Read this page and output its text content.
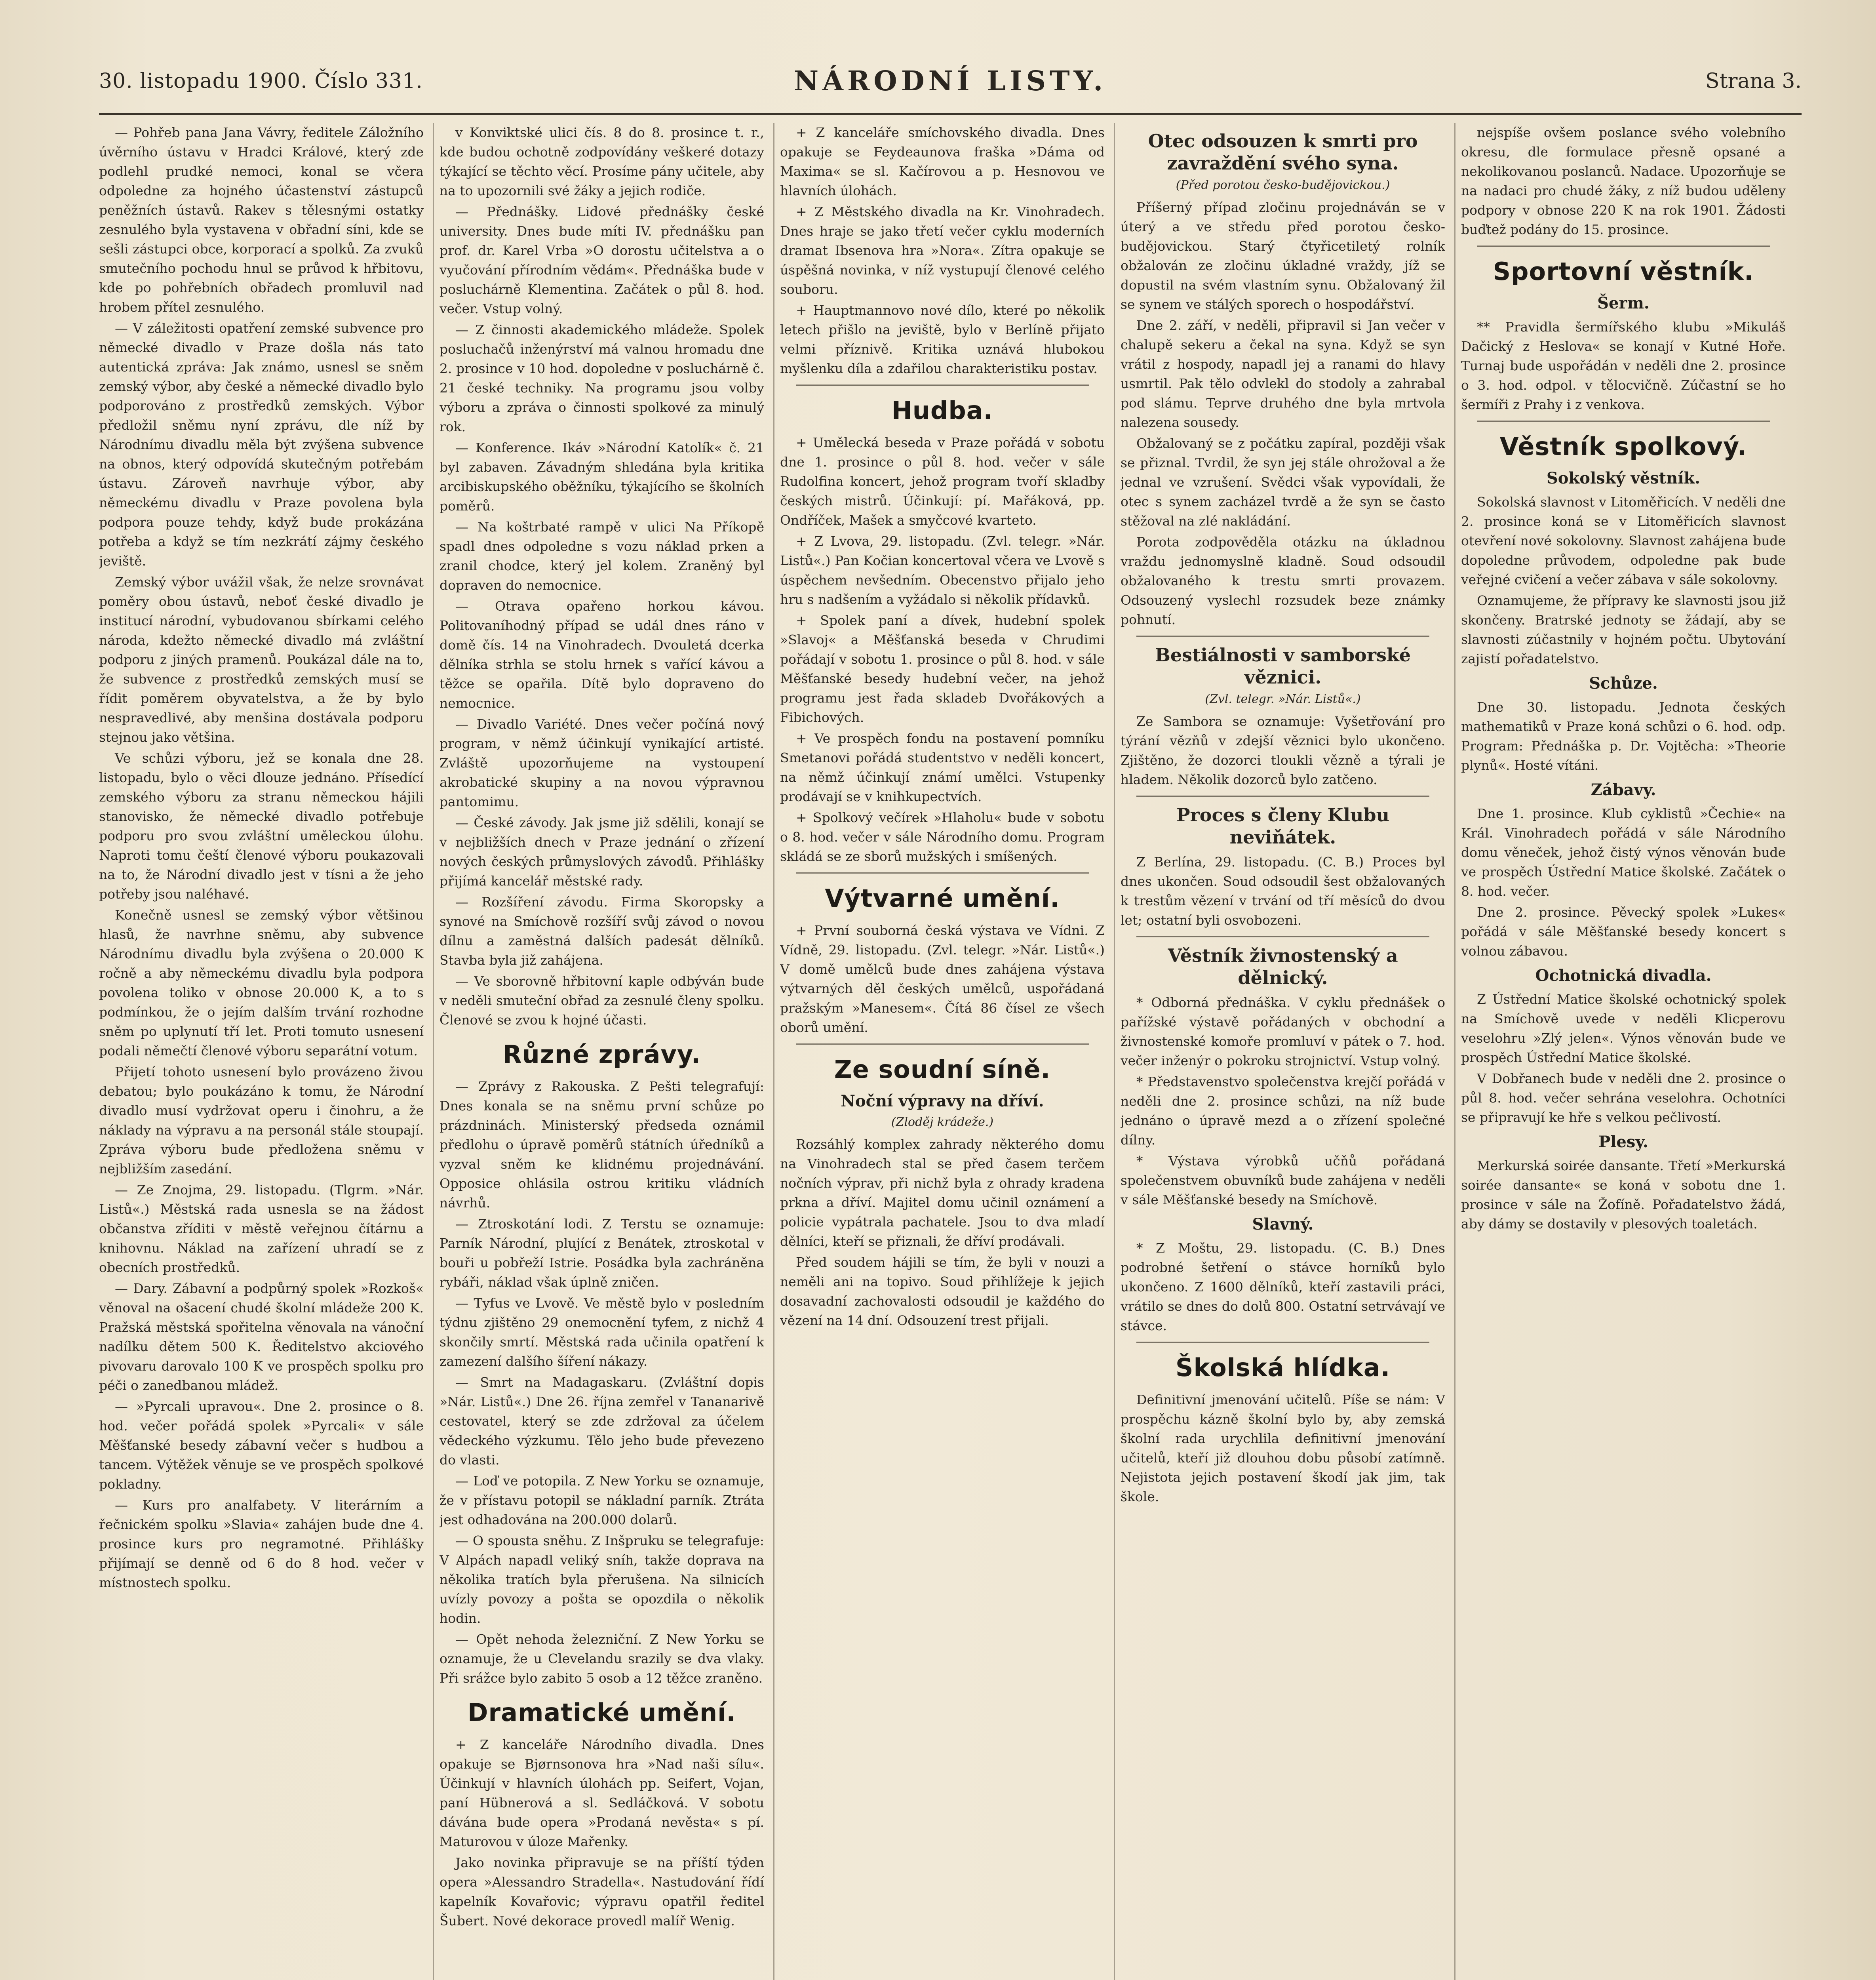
30. listopadu 1900. Číslo 331.	NÁRODNÍ LISTY.	Strana 3.

— Pohřeb pana Jana Vávry, ředitele Záložního úvěrního ústavu v Hradci Králové, který zde podlehl prudké nemoci, konal se včera odpoledne za hojného účastenství zástupců peněžních ústavů. Rakev s tělesnými ostatky zesnulého byla vystavena v obřadní síni, kde se sešli zástupci obce, korporací a spolků. Za zvuků smutečního pochodu hnul se průvod k hřbitovu, kde po pohřebních obřadech promluvil nad hrobem přítel zesnulého.

— V záležitosti opatření zemské subvence pro německé divadlo v Praze došla nás tato autentická zpráva: Jak známo, usnesl se sněm zemský výbor, aby české a německé divadlo bylo podporováno z prostředků zemských. Výbor předložil sněmu nyní zprávu, dle níž by Národnímu divadlu měla být zvýšena subvence na obnos, který odpovídá skutečným potřebám ústavu. Zároveň navrhuje výbor, aby německému divadlu v Praze povolena byla podpora pouze tehdy, když bude prokázána potřeba a když se tím nezkrátí zájmy českého jeviště.

Zemský výbor uvážil však, že nelze srovnávat poměry obou ústavů, neboť české divadlo je institucí národní, vybudovanou sbírkami celého národa, kdežto německé divadlo má zvláštní podporu z jiných pramenů. Poukázal dále na to, že subvence z prostředků zemských musí se řídit poměrem obyvatelstva, a že by bylo nespravedlivé, aby menšina dostávala podporu stejnou jako většina.

Ve schůzi výboru, jež se konala dne 28. listopadu, bylo o věci dlouze jednáno. Přísedící zemského výboru za stranu německou hájili stanovisko, že německé divadlo potřebuje podporu pro svou zvláštní uměleckou úlohu. Naproti tomu čeští členové výboru poukazovali na to, že Národní divadlo jest v tísni a že jeho potřeby jsou naléhavé.

Konečně usnesl se zemský výbor většinou hlasů, že navrhne sněmu, aby subvence Národnímu divadlu byla zvýšena o 20.000 K ročně a aby německému divadlu byla podpora povolena toliko v obnose 20.000 K, a to s podmínkou, že o jejím dalším trvání rozhodne sněm po uplynutí tří let. Proti tomuto usnesení podali němečtí členové výboru separátní votum.

Přijetí tohoto usnesení bylo provázeno živou debatou; bylo poukázáno k tomu, že Národní divadlo musí vydržovat operu i činohru, a že náklady na výpravu a na personál stále stoupají. Zpráva výboru bude předložena sněmu v nejbližším zasedání.

— Ze Znojma, 29. listopadu. (Tlgrm. »Nár. Listů«.) Městská rada usnesla se na žádost občanstva zříditi v městě veřejnou čítárnu a knihovnu. Náklad na zařízení uhradí se z obecních prostředků.

— Dary. Zábavní a podpůrný spolek »Rozkoš« věnoval na ošacení chudé školní mládeže 200 K. Pražská městská spořitelna věnovala na vánoční nadílku dětem 500 K. Ředitelstvo akciového pivovaru darovalo 100 K ve prospěch spolku pro péči o zanedbanou mládež.

— »Pyrcali upravou«. Dne 2. prosince o 8. hod. večer pořádá spolek »Pyrcali« v sále Měšťanské besedy zábavní večer s hudbou a tancem. Výtěžek věnuje se ve prospěch spolkové pokladny.

— Kurs pro analfabety. V literárním a řečnickém spolku »Slavia« zahájen bude dne 4. prosince kurs pro negramotné. Přihlášky přijímají se denně od 6 do 8 hod. večer v místnostech spolku.

v Konviktské ulici čís. 8 do 8. prosince t. r., kde budou ochotně zodpovídány veškeré dotazy týkající se těchto věcí. Prosíme pány učitele, aby na to upozornili své žáky a jejich rodiče.

— Přednášky. Lidové přednášky české university. Dnes bude míti IV. přednášku pan prof. dr. Karel Vrba »O dorostu učitelstva a o vyučování přírodním vědám«. Přednáška bude v posluchárně Klementina. Začátek o půl 8. hod. večer. Vstup volný.

— Z činnosti akademického mládeže. Spolek posluchačů inženýrství má valnou hromadu dne 2. prosince v 10 hod. dopoledne v posluchárně č. 21 české techniky. Na programu jsou volby výboru a zpráva o činnosti spolkové za minulý rok.

— Konference. Ikáv »Národní Katolík« č. 21 byl zabaven. Závadným shledána byla kritika arcibiskupského oběžníku, týkajícího se školních poměrů.

— Na koštrbaté rampě v ulici Na Příkopě spadl dnes odpoledne s vozu náklad prken a zranil chodce, který jel kolem. Zraněný byl dopraven do nemocnice.

— Otrava opařeno horkou kávou. Politovaníhodný případ se udál dnes ráno v domě čís. 14 na Vinohradech. Dvouletá dcerka dělníka strhla se stolu hrnek s vařící kávou a těžce se opařila. Dítě bylo dopraveno do nemocnice.

— Divadlo Variété. Dnes večer počíná nový program, v němž účinkují vynikající artisté. Zvláště upozorňujeme na vystoupení akrobatické skupiny a na novou výpravnou pantomimu.

— České závody. Jak jsme již sdělili, konají se v nejbližších dnech v Praze jednání o zřízení nových českých průmyslových závodů. Přihlášky přijímá kancelář městské rady.

— Rozšíření závodu. Firma Skoropsky a synové na Smíchově rozšíří svůj závod o novou dílnu a zaměstná dalších padesát dělníků. Stavba byla již zahájena.

— Ve sborovně hřbitovní kaple odbýván bude v neděli smuteční obřad za zesnulé členy spolku. Členové se zvou k hojné účasti.

Různé zprávy.

— Zprávy z Rakouska. Z Pešti telegrafují: Dnes konala se na sněmu první schůze po prázdninách. Ministerský předseda oznámil předlohu o úpravě poměrů státních úředníků a vyzval sněm ke klidnému projednávání. Opposice ohlásila ostrou kritiku vládních návrhů.

— Ztroskotání lodi. Z Terstu se oznamuje: Parník Národní, plující z Benátek, ztroskotal v bouři u pobřeží Istrie. Posádka byla zachráněna rybáři, náklad však úplně zničen.

— Tyfus ve Lvově. Ve městě bylo v posledním týdnu zjištěno 29 onemocnění tyfem, z nichž 4 skončily smrtí. Městská rada učinila opatření k zamezení dalšího šíření nákazy.

— Smrt na Madagaskaru. (Zvláštní dopis »Nár. Listů«.) Dne 26. října zemřel v Tananarivě cestovatel, který se zde zdržoval za účelem vědeckého výzkumu. Tělo jeho bude převezeno do vlasti.

— Loď ve potopila. Z New Yorku se oznamuje, že v přístavu potopil se nákladní parník. Ztráta jest odhadována na 200.000 dolarů.

— O spousta sněhu. Z Inšpruku se telegrafuje: V Alpách napadl veliký sníh, takže doprava na několika tratích byla přerušena. Na silnicích uvízly povozy a pošta se opozdila o několik hodin.

— Opět nehoda železniční. Z New Yorku se oznamuje, že u Clevelandu srazily se dva vlaky. Při srážce bylo zabito 5 osob a 12 těžce zraněno.

Dramatické umění.

+ Z kanceláře Národního divadla. Dnes opakuje se Bjørnsonova hra »Nad naši sílu«. Účinkují v hlavních úlohách pp. Seifert, Vojan, paní Hübnerová a sl. Sedláčková. V sobotu dávána bude opera »Prodaná nevěsta« s pí. Maturovou v úloze Mařenky.

Jako novinka připravuje se na příští týden opera »Alessandro Stradella«. Nastudování řídí kapelník Kovařovic; výpravu opatřil ředitel Šubert. Nové dekorace provedl malíř Wenig.

+ Z kanceláře smíchovského divadla. Dnes opakuje se Feydeaunova fraška »Dáma od Maxima« se sl. Kačírovou a p. Hesnovou ve hlavních úlohách.

+ Z Městského divadla na Kr. Vinohradech. Dnes hraje se jako třetí večer cyklu moderních dramat Ibsenova hra »Nora«. Zítra opakuje se úspěšná novinka, v níž vystupují členové celého souboru.

+ Hauptmannovo nové dílo, které po několik letech přišlo na jeviště, bylo v Berlíně přijato velmi příznivě. Kritika uznává hlubokou myšlenku díla a zdařilou charakteristiku postav.

Hudba.

+ Umělecká beseda v Praze pořádá v sobotu dne 1. prosince o půl 8. hod. večer v sále Rudolfina koncert, jehož program tvoří skladby českých mistrů. Účinkují: pí. Mařáková, pp. Ondříček, Mašek a smyčcové kvarteto.

+ Z Lvova, 29. listopadu. (Zvl. telegr. »Nár. Listů«.) Pan Kočian koncertoval včera ve Lvově s úspěchem nevšedním. Obecenstvo přijalo jeho hru s nadšením a vyžádalo si několik přídavků.

+ Spolek paní a dívek, hudební spolek »Slavoj« a Měšťanská beseda v Chrudimi pořádají v sobotu 1. prosince o půl 8. hod. v sále Měšťanské besedy hudební večer, na jehož programu jest řada skladeb Dvořákových a Fibichových.

+ Ve prospěch fondu na postavení pomníku Smetanovi pořádá studentstvo v neděli koncert, na němž účinkují známí umělci. Vstupenky prodávají se v knihkupectvích.

+ Spolkový večírek »Hlaholu« bude v sobotu o 8. hod. večer v sále Národního domu. Program skládá se ze sborů mužských i smíšených.

Výtvarné umění.

+ První souborná česká výstava ve Vídni. Z Vídně, 29. listopadu. (Zvl. telegr. »Nár. Listů«.) V domě umělců bude dnes zahájena výstava výtvarných děl českých umělců, uspořádaná pražským »Manesem«. Čítá 86 čísel ze všech oborů umění.

Ze soudní síně.
Noční výpravy na dříví.
(Zloděj krádeže.)

Rozsáhlý komplex zahrady některého domu na Vinohradech stal se před časem terčem nočních výprav, při nichž byla z ohrady kradena prkna a dříví. Majitel domu učinil oznámení a policie vypátrala pachatele. Jsou to dva mladí dělníci, kteří se přiznali, že dříví prodávali.

Před soudem hájili se tím, že byli v nouzi a neměli ani na topivo. Soud přihlížeje k jejich dosavadní zachovalosti odsoudil je každého do vězení na 14 dní. Odsouzení trest přijali.

Otec odsouzen k smrti pro zavraždění svého syna.
(Před porotou česko-budějovickou.)

Příšerný případ zločinu projednáván se v úterý a ve středu před porotou česko-budějovickou. Starý čtyřicetiletý rolník obžalován ze zločinu úkladné vraždy, jíž se dopustil na svém vlastním synu. Obžalovaný žil se synem ve stálých sporech o hospodářství.

Dne 2. září, v neděli, připravil si Jan večer v chalupě sekeru a čekal na syna. Když se syn vrátil z hospody, napadl jej a ranami do hlavy usmrtil. Pak tělo odvlekl do stodoly a zahrabal pod slámu. Teprve druhého dne byla mrtvola nalezena sousedy.

Obžalovaný se z počátku zapíral, později však se přiznal. Tvrdil, že syn jej stále ohrožoval a že jednal ve vzrušení. Svědci však vypovídali, že otec s synem zacházel tvrdě a že syn se často stěžoval na zlé nakládání.

Porota zodpověděla otázku na úkladnou vraždu jednomyslně kladně. Soud odsoudil obžalovaného k trestu smrti provazem. Odsouzený vyslechl rozsudek beze známky pohnutí.

Bestiálnosti v samborské věznici.
(Zvl. telegr. »Nár. Listů«.)

Ze Sambora se oznamuje: Vyšetřování pro týrání vězňů v zdejší věznici bylo ukončeno. Zjištěno, že dozorci tloukli vězně a týrali je hladem. Několik dozorců bylo zatčeno.

Proces s členy Klubu neviňátek.

Z Berlína, 29. listopadu. (C. B.) Proces byl dnes ukončen. Soud odsoudil šest obžalovaných k trestům vězení v trvání od tří měsíců do dvou let; ostatní byli osvobozeni.

Věstník živnostenský a dělnický.

* Odborná přednáška. V cyklu přednášek o pařížské výstavě pořádaných v obchodní a živnostenské komoře promluví v pátek o 7. hod. večer inženýr o pokroku strojnictví. Vstup volný.

* Představenstvo společenstva krejčí pořádá v neděli dne 2. prosince schůzi, na níž bude jednáno o úpravě mezd a o zřízení společné dílny.

* Výstava výrobků učňů pořádaná společenstvem obuvníků bude zahájena v neděli v sále Měšťanské besedy na Smíchově.

Slavný.

* Z Moštu, 29. listopadu. (C. B.) Dnes podrobné šetření o stávce horníků bylo ukončeno. Z 1600 dělníků, kteří zastavili práci, vrátilo se dnes do dolů 800. Ostatní setrvávají ve stávce.

Školská hlídka.

Definitivní jmenování učitelů. Píše se nám: V prospěchu kázně školní bylo by, aby zemská školní rada urychlila definitivní jmenování učitelů, kteří již dlouhou dobu působí zatímně. Nejistota jejich postavení škodí jak jim, tak škole.

nejspíše ovšem poslance svého volebního okresu, dle formulace přesně opsané a nekolikovanou poslanců. Nadace. Upozorňuje se na nadaci pro chudé žáky, z níž budou uděleny podpory v obnose 220 K na rok 1901. Žádosti buďtež podány do 15. prosince.

Sportovní věstník.
Šerm.

** Pravidla šermířského klubu »Mikuláš Dačický z Heslova« se konají v Kutné Hoře. Turnaj bude uspořádán v neděli dne 2. prosince o 3. hod. odpol. v tělocvičně. Zúčastní se ho šermíři z Prahy i z venkova.

Věstník spolkový.
Sokolský věstník.

Sokolská slavnost v Litoměřicích. V neděli dne 2. prosince koná se v Litoměřicích slavnost otevření nové sokolovny. Slavnost zahájena bude dopoledne průvodem, odpoledne pak bude veřejné cvičení a večer zábava v sále sokolovny.

Oznamujeme, že přípravy ke slavnosti jsou již skončeny. Bratrské jednoty se žádají, aby se slavnosti zúčastnily v hojném počtu. Ubytování zajistí pořadatelstvo.

Schůze.

Dne 30. listopadu. Jednota českých mathematiků v Praze koná schůzi o 6. hod. odp. Program: Přednáška p. Dr. Vojtěcha: »Theorie plynů«. Hosté vítáni.

Zábavy.

Dne 1. prosince. Klub cyklistů »Čechie« na Král. Vinohradech pořádá v sále Národního domu věneček, jehož čistý výnos věnován bude ve prospěch Ústřední Matice školské. Začátek o 8. hod. večer.

Dne 2. prosince. Pěvecký spolek »Lukes« pořádá v sále Měšťanské besedy koncert s volnou zábavou.

Ochotnická divadla.

Z Ústřední Matice školské ochotnický spolek na Smíchově uvede v neděli Klicperovu veselohru »Zlý jelen«. Výnos věnován bude ve prospěch Ústřední Matice školské.

V Dobřanech bude v neděli dne 2. prosince o půl 8. hod. večer sehrána veselohra. Ochotníci se připravují ke hře s velkou pečlivostí.

Plesy.

Merkurská soirée dansante. Třetí »Merkurská soirée dansante« se koná v sobotu dne 1. prosince v sále na Žofíně. Pořadatelstvo žádá, aby dámy se dostavily v plesových toaletách.
